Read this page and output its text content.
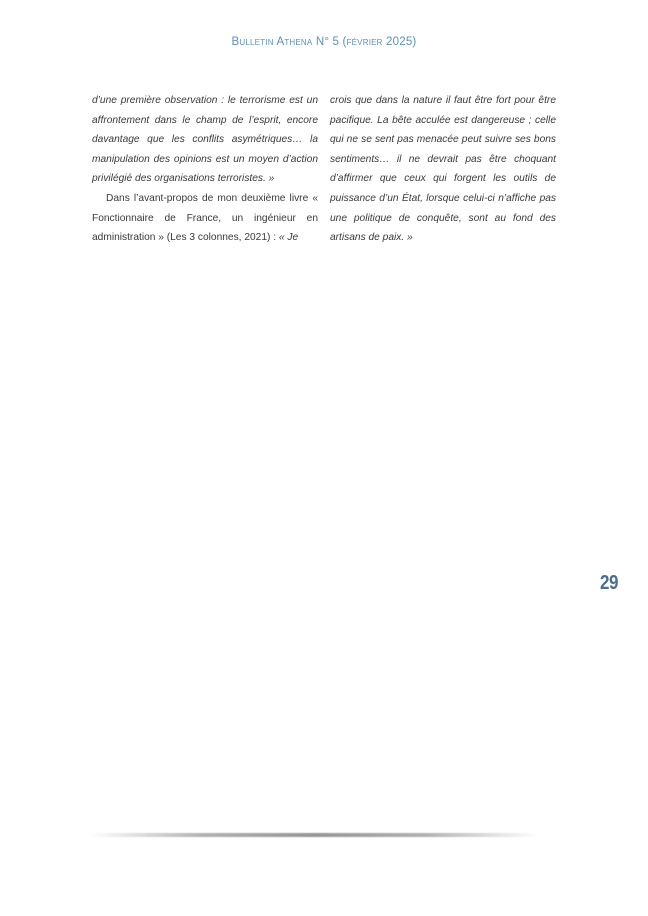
Bulletin Athena N° 5 (février 2025)

d’une première observation : le terrorisme est un affrontement dans le champ de l’esprit, encore davantage que les conflits asymétriques… la manipulation des opinions est un moyen d’action privilégié des organisations terroristes. »

Dans l’avant-propos de mon deuxième livre « Fonctionnaire de France, un ingénieur en administration » (Les 3 colonnes, 2021) : « Je

crois que dans la nature il faut être fort pour être pacifique. La bête acculée est dangereuse ; celle qui ne se sent pas menacée peut suivre ses bons sentiments… il ne devrait pas être choquant d’affirmer que ceux qui forgent les outils de puissance d’un État, lorsque celui-ci n’affiche pas une politique de conquête, sont au fond des artisans de paix. »

29
